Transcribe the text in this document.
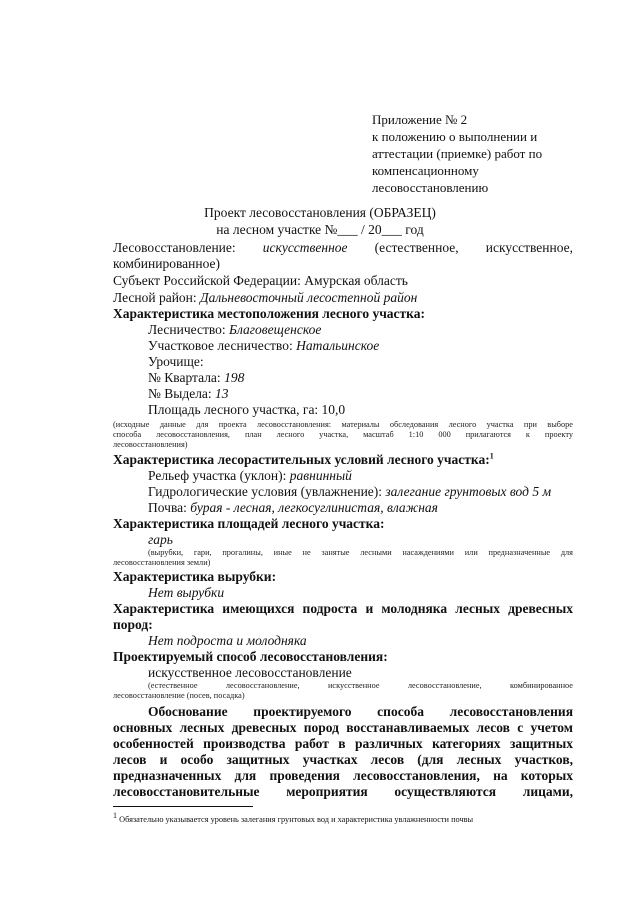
Приложение № 2
к положению о выполнении и
аттестации (приемке) работ по
компенсационному
лесовосстановлению
Проект лесовосстановления (ОБРАЗЕЦ)
на лесном участке №___ / 20___ год
Лесовосстановление: искусственное (естественное, искусственное,
комбинированное)
Субъект Российской Федерации: Амурская область
Лесной район: Дальневосточный лесостепной район
Характеристика местоположения лесного участка:
Лесничество: Благовещенское
Участковое лесничество: Натальинское
Урочище:
№ Квартала: 198
№ Выдела: 13
Площадь лесного участка, га: 10,0
(исходные данные для проекта лесовосстановления: материалы обследования лесного участка при выборе
способа лесовосстановления, план лесного участка, масштаб 1:10 000 прилагаются к проекту
лесовосстановления)
Характеристика лесорастительных условий лесного участка:$^1$
Рельеф участка (уклон): равнинный
Гидрологические условия (увлажнение): залегание грунтовых вод 5 м
Почва: бурая - лесная, легкосуглинистая, влажная
Характеристика площадей лесного участка:
гарь
(вырубки, гари, прогалины, иные не занятые лесными насаждениями или предназначенные для
лесовосстановления земли)
Характеристика вырубки:
Нет вырубки
Характеристика имеющихся подроста и молодняка лесных древесных
пород:
Нет подроста и молодняка
Проектируемый способ лесовосстановления:
искусственное лесовосстановление
(естественное лесовосстановление, искусственное лесовосстановление, комбинированное
лесовосстановление (посев, посадка)
Обоснование проектируемого способа лесовосстановления
основных лесных древесных пород восстанавливаемых лесов с учетом
особенностей производства работ в различных категориях защитных
лесов и особо защитных участках лесов (для лесных участков,
предназначенных для проведения лесовосстановления, на которых
лесовосстановительные мероприятия осуществляются лицами,
1 Обязательно указывается уровень залегания грунтовых вод и характеристика увлажненности почвы
